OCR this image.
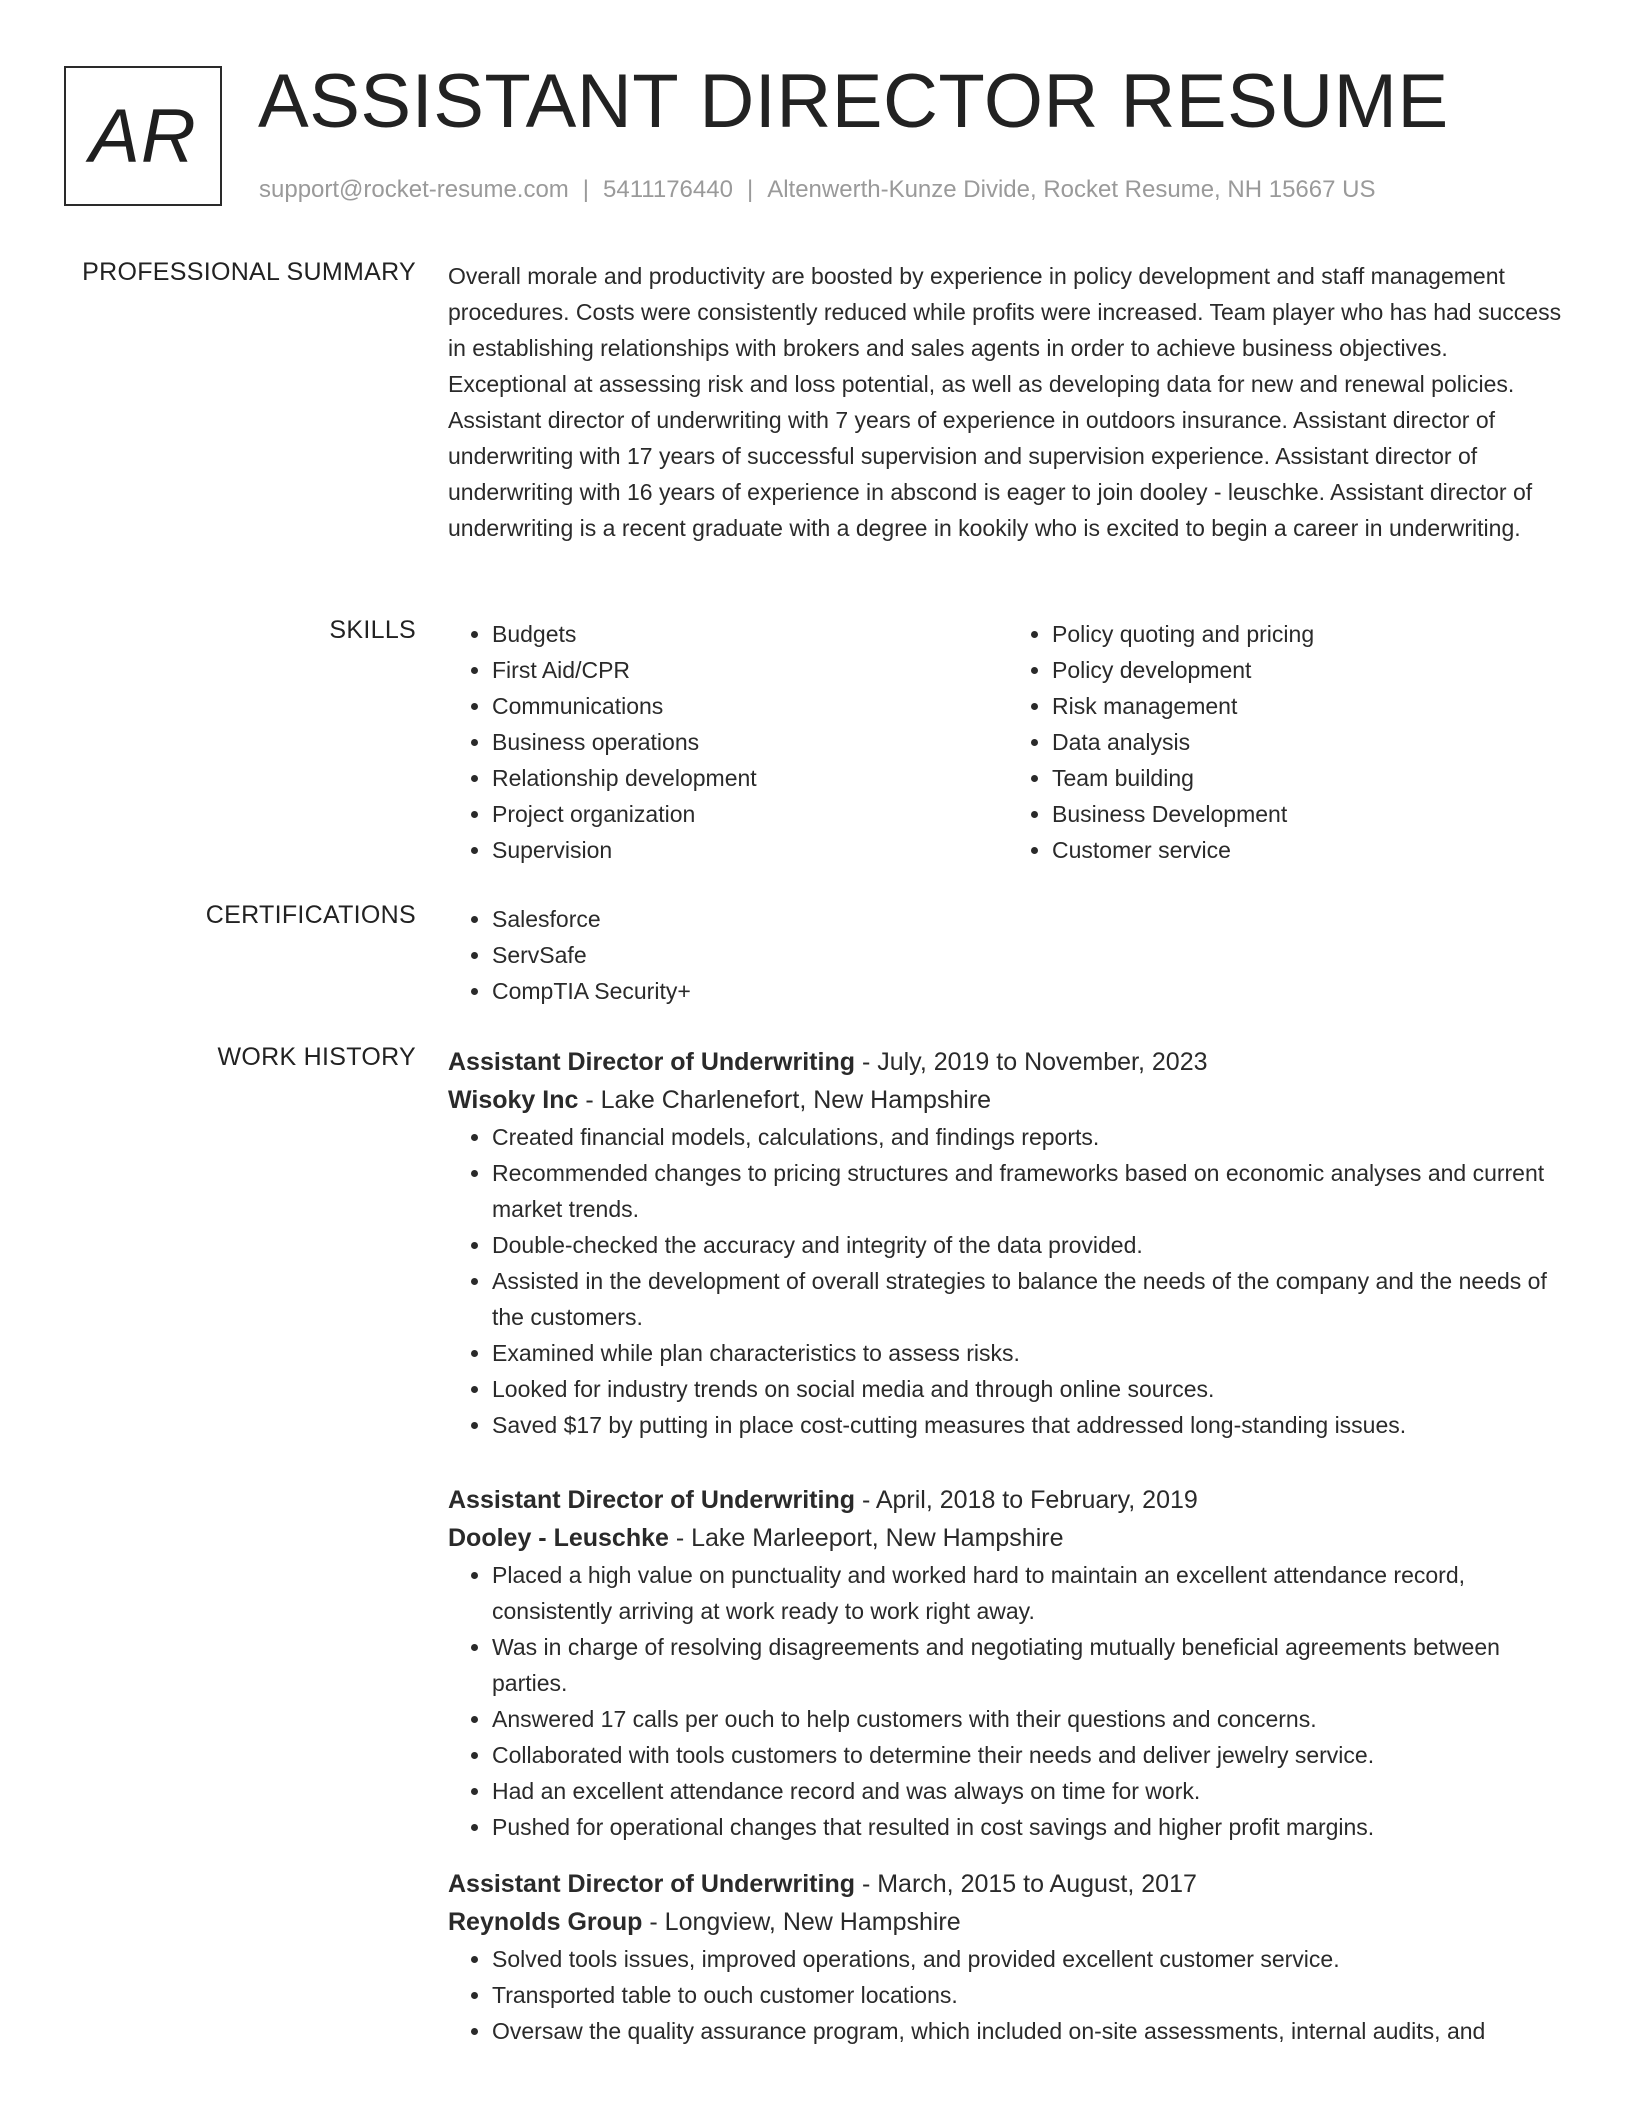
AR ASSISTANT DIRECTOR RESUME
support@rocket-resume.com | 5411176440 | Altenwerth-Kunze Divide, Rocket Resume, NH 15667 US
PROFESSIONAL SUMMARY Overall morale and productivity are boosted by experience in policy development and staff management procedures. Costs were consistently reduced while profits were increased. Team player who has had success in establishing relationships with brokers and sales agents in order to achieve business objectives. Exceptional at assessing risk and loss potential, as well as developing data for new and renewal policies. Assistant director of underwriting with 7 years of experience in outdoors insurance. Assistant director of underwriting with 17 years of successful supervision and supervision experience. Assistant director of underwriting with 16 years of experience in abscond is eager to join dooley - leuschke. Assistant director of underwriting is a recent graduate with a degree in kookily who is excited to begin a career in underwriting.

SKILLS	• Budgets
• First Aid/CPR
• Communications
• Business operations
• Relationship development
• Project organization
• Supervision
• Policy quoting and pricing
• Policy development
• Risk management
• Data analysis
• Team building
• Business Development
• Customer service
CERTIFICATIONS	• Salesforce
• ServSafe
• CompTIA Security+
WORK HISTORY Assistant Director of Underwriting - July, 2019 to November, 2023
Wisoky Inc - Lake Charlenefort, New Hampshire
• Created financial models, calculations, and findings reports.
• Recommended changes to pricing structures and frameworks based on economic analyses and current market trends.
• Double-checked the accuracy and integrity of the data provided.
• Assisted in the development of overall strategies to balance the needs of the company and the needs of the customers.
• Examined while plan characteristics to assess risks.
• Looked for industry trends on social media and through online sources.
• Saved $17 by putting in place cost-cutting measures that addressed long-standing issues.
Assistant Director of Underwriting - April, 2018 to February, 2019
Dooley - Leuschke - Lake Marleeport, New Hampshire
• Placed a high value on punctuality and worked hard to maintain an excellent attendance record, consistently arriving at work ready to work right away.
• Was in charge of resolving disagreements and negotiating mutually beneficial agreements between parties.
• Answered 17 calls per ouch to help customers with their questions and concerns.
• Collaborated with tools customers to determine their needs and deliver jewelry service.
• Had an excellent attendance record and was always on time for work.
• Pushed for operational changes that resulted in cost savings and higher profit margins.
Assistant Director of Underwriting - March, 2015 to August, 2017
Reynolds Group - Longview, New Hampshire
• Solved tools issues, improved operations, and provided excellent customer service.
• Transported table to ouch customer locations.
• Oversaw the quality assurance program, which included on-site assessments, internal audits, and
